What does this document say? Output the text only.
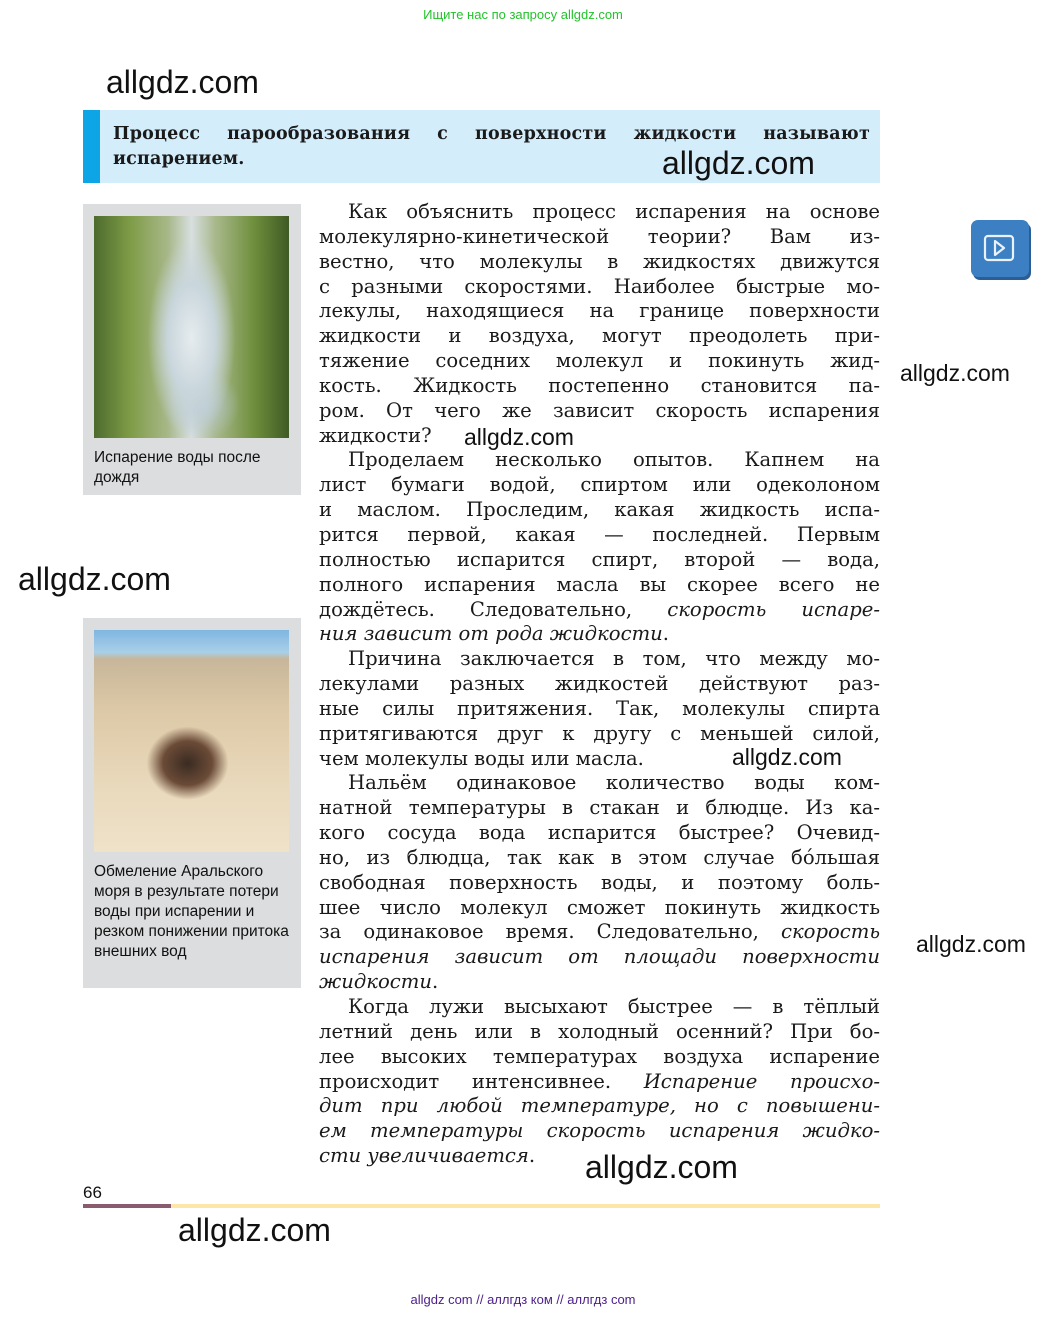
Ищите нас по запросу allgdz.com
allgdz.com
Процесс парообразования с поверхности жидкости называют испарением.	allgdz.com
Испарение воды после дождя
allgdz.com
Обмеление Аральского моря в результате потери воды при испарении и резком понижении притока внешних вод
Как объяснить процесс испарения на основе
молекулярно-кинетической теории? Вам из-
вестно, что молекулы в жидкостях движутся
с разными скоростями. Наиболее быстрые мо-
лекулы, находящиеся на границе поверхности
жидкости и воздуха, могут преодолеть при-
тяжение соседних молекул и покинуть жид-
кость. Жидкость постепенно становится па-
ром. От чего же зависит скорость испарения
жидкости?
Проделаем несколько опытов. Капнем на
лист бумаги водой, спиртом или одеколоном
и маслом. Проследим, какая жидкость испа-
рится первой, какая — последней. Первым
полностью испарится спирт, второй — вода,
полного испарения масла вы скорее всего не
дождётесь. Следовательно, скорость испаре-
ния зависит от рода жидкости.
Причина заключается в том, что между мо-
лекулами разных жидкостей действуют раз-
ные силы притяжения. Так, молекулы спирта
притягиваются друг к другу с меньшей силой,
чем молекулы воды или масла.
Нальём одинаковое количество воды ком-
натной температуры в стакан и блюдце. Из ка-
кого сосуда вода испарится быстрее? Очевид-
но, из блюдца, так как в этом случае бóльшая
свободная поверхность воды, и поэтому боль-
шее число молекул сможет покинуть жидкость
за одинаковое время. Следовательно, скорость
испарения зависит от площади поверхности
жидкости.
Когда лужи высыхают быстрее — в тёплый
летний день или в холодный осенний? При бо-
лее высоких температурах воздуха испарение
происходит интенсивнее. Испарение происхо-
дит при любой температуре, но с повышени-
ем температуры скорость испарения жидко-
сти увеличивается.
allgdz.com
allgdz.com
allgdz.com
allgdz.com
allgdz.com
66
allgdz.com
allgdz com // аллгдз ком // аллгдз com
